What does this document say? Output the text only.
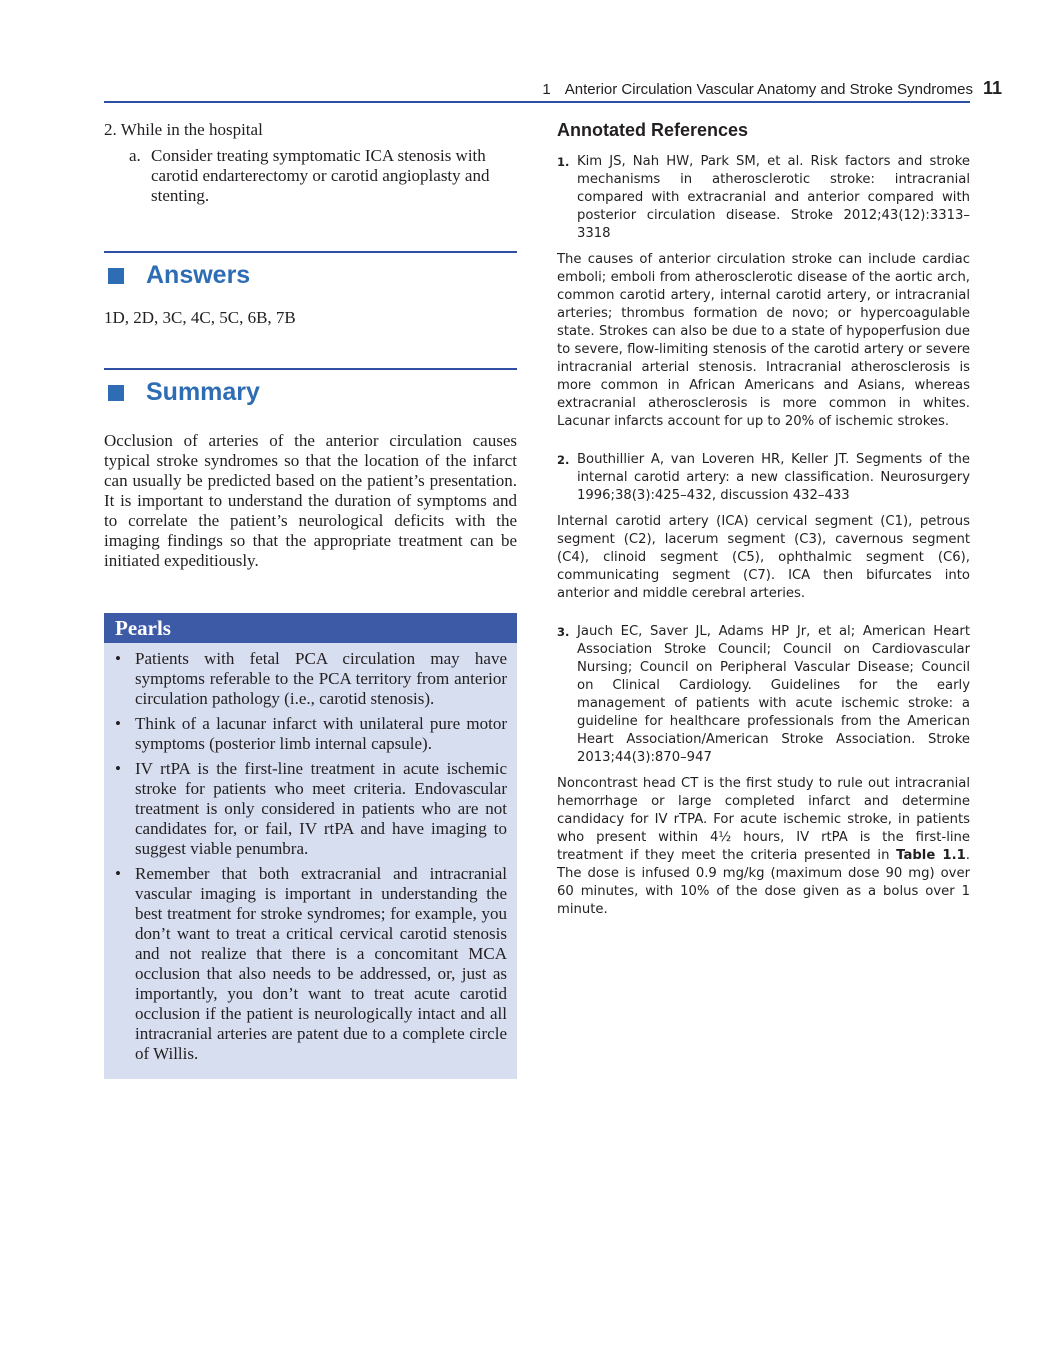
1 Anterior Circulation Vascular Anatomy and Stroke Syndromes 11

2. While in the hospital

a. Consider treating symptomatic ICA stenosis with carotid endarterectomy or carotid angioplasty and stenting.
Answers

1D, 2D, 3C, 4C, 5C, 6B, 7B

Summary

Occlusion of arteries of the anterior circulation causes typical stroke syndromes so that the location of the infarct can usually be predicted based on the patient’s presentation. It is important to understand the duration of symptoms and to correlate the patient’s neurological deficits with the imaging findings so that the appropriate treatment can be initiated expeditiously.

Pearls
• Patients with fetal PCA circulation may have symptoms referable to the PCA territory from anterior circulation pathology (i.e., carotid stenosis).
• Think of a lacunar infarct with unilateral pure motor symptoms (posterior limb internal capsule).
• IV rtPA is the first-line treatment in acute ischemic stroke for patients who meet criteria. Endovascular treatment is only considered in patients who are not candidates for, or fail, IV rtPA and have imaging to suggest viable penumbra.
• Remember that both extracranial and intracranial vascular imaging is important in understanding the best treatment for stroke syndromes; for example, you don’t want to treat a critical cervical carotid stenosis and not realize that there is a concomitant MCA occlusion that also needs to be addressed, or, just as importantly, you don’t want to treat acute carotid occlusion if the patient is neurologically intact and all intracranial arteries are patent due to a complete circle of Willis.
Annotated References
1. Kim JS, Nah HW, Park SM, et al. Risk factors and stroke mechanisms in atherosclerotic stroke: intracranial compared with extracranial and anterior compared with posterior circulation disease. Stroke 2012;43(12):3313–3318

The causes of anterior circulation stroke can include cardiac emboli; emboli from atherosclerotic disease of the aortic arch, common carotid artery, internal carotid artery, or intracranial arteries; thrombus formation de novo; or hypercoagulable state. Strokes can also be due to a state of hypoperfusion due to severe, flow-limiting stenosis of the carotid artery or severe intracranial arterial stenosis. Intracranial atherosclerosis is more common in African Americans and Asians, whereas extracranial atherosclerosis is more common in whites. Lacunar infarcts account for up to 20% of ischemic strokes.

2. Bouthillier A, van Loveren HR, Keller JT. Segments of the internal carotid artery: a new classification. Neurosurgery 1996;38(3):425–432, discussion 432–433

Internal carotid artery (ICA) cervical segment (C1), petrous segment (C2), lacerum segment (C3), cavernous segment (C4), clinoid segment (C5), ophthalmic segment (C6), communicating segment (C7). ICA then bifurcates into anterior and middle cerebral arteries.

3. Jauch EC, Saver JL, Adams HP Jr, et al; American Heart Association Stroke Council; Council on Cardiovascular Nursing; Council on Peripheral Vascular Disease; Council on Clinical Cardiology. Guidelines for the early management of patients with acute ischemic stroke: a guideline for healthcare professionals from the American Heart Association/American Stroke Association. Stroke 2013;44(3):870–947

Noncontrast head CT is the first study to rule out intracranial hemorrhage or large completed infarct and determine candidacy for IV rTPA. For acute ischemic stroke, in patients who present within 4½ hours, IV rtPA is the first-line treatment if they meet the criteria presented in Table 1.1. The dose is infused 0.9 mg/kg (maximum dose 90 mg) over 60 minutes, with 10% of the dose given as a bolus over 1 minute.
